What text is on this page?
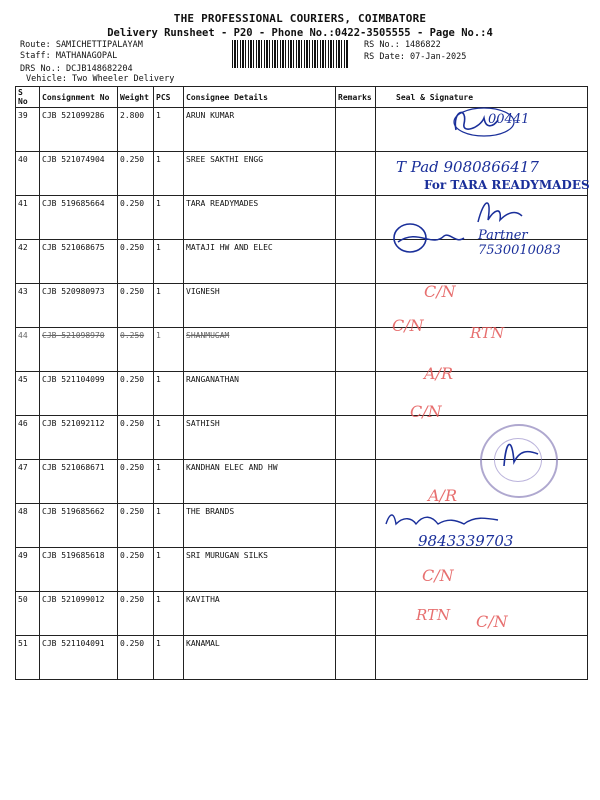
THE PROFESSIONAL COURIERS, COIMBATORE
Delivery Runsheet - P20 - Phone No.:0422-3505555 - Page No.:4
Route: SAMICHETTIPALAYAM
Staff: MATHANAGOPAL
DRS No.: DCJB148682204
Vehicle: Two Wheeler Delivery
RS No.: 1486822
RS Date: 07-Jan-2025
S No	Consignment No	Weight	PCS	Consignee Details	Remarks	Seal & Signature
39	CJB 521099286	2.800	1	ARUN KUMAR		
40	CJB 521074904	0.250	1	SREE SAKTHI ENGG		
41	CJB 519685664	0.250	1	TARA READYMADES		
42	CJB 521068675	0.250	1	MATAJI HW AND ELEC		
43	CJB 520980973	0.250	1	VIGNESH		
44	CJB 521098970	0.250	1	SHANMUGAM		
45	CJB 521104099	0.250	1	RANGANATHAN		
46	CJB 521092112	0.250	1	SATHISH		
47	CJB 521068671	0.250	1	KANDHAN ELEC AND HW		
48	CJB 519685662	0.250	1	THE BRANDS		
49	CJB 519685618	0.250	1	SRI MURUGAN SILKS		
50	CJB 521099012	0.250	1	KAVITHA		
51	CJB 521104091	0.250	1	KANAMAL		
00441
T Pad 9080866417
For TARA READYMADES
Partner 7530010083
C/N
C/N	RTN
A/R
C/N
A/R
9843339703
C/N
RTN C/N
